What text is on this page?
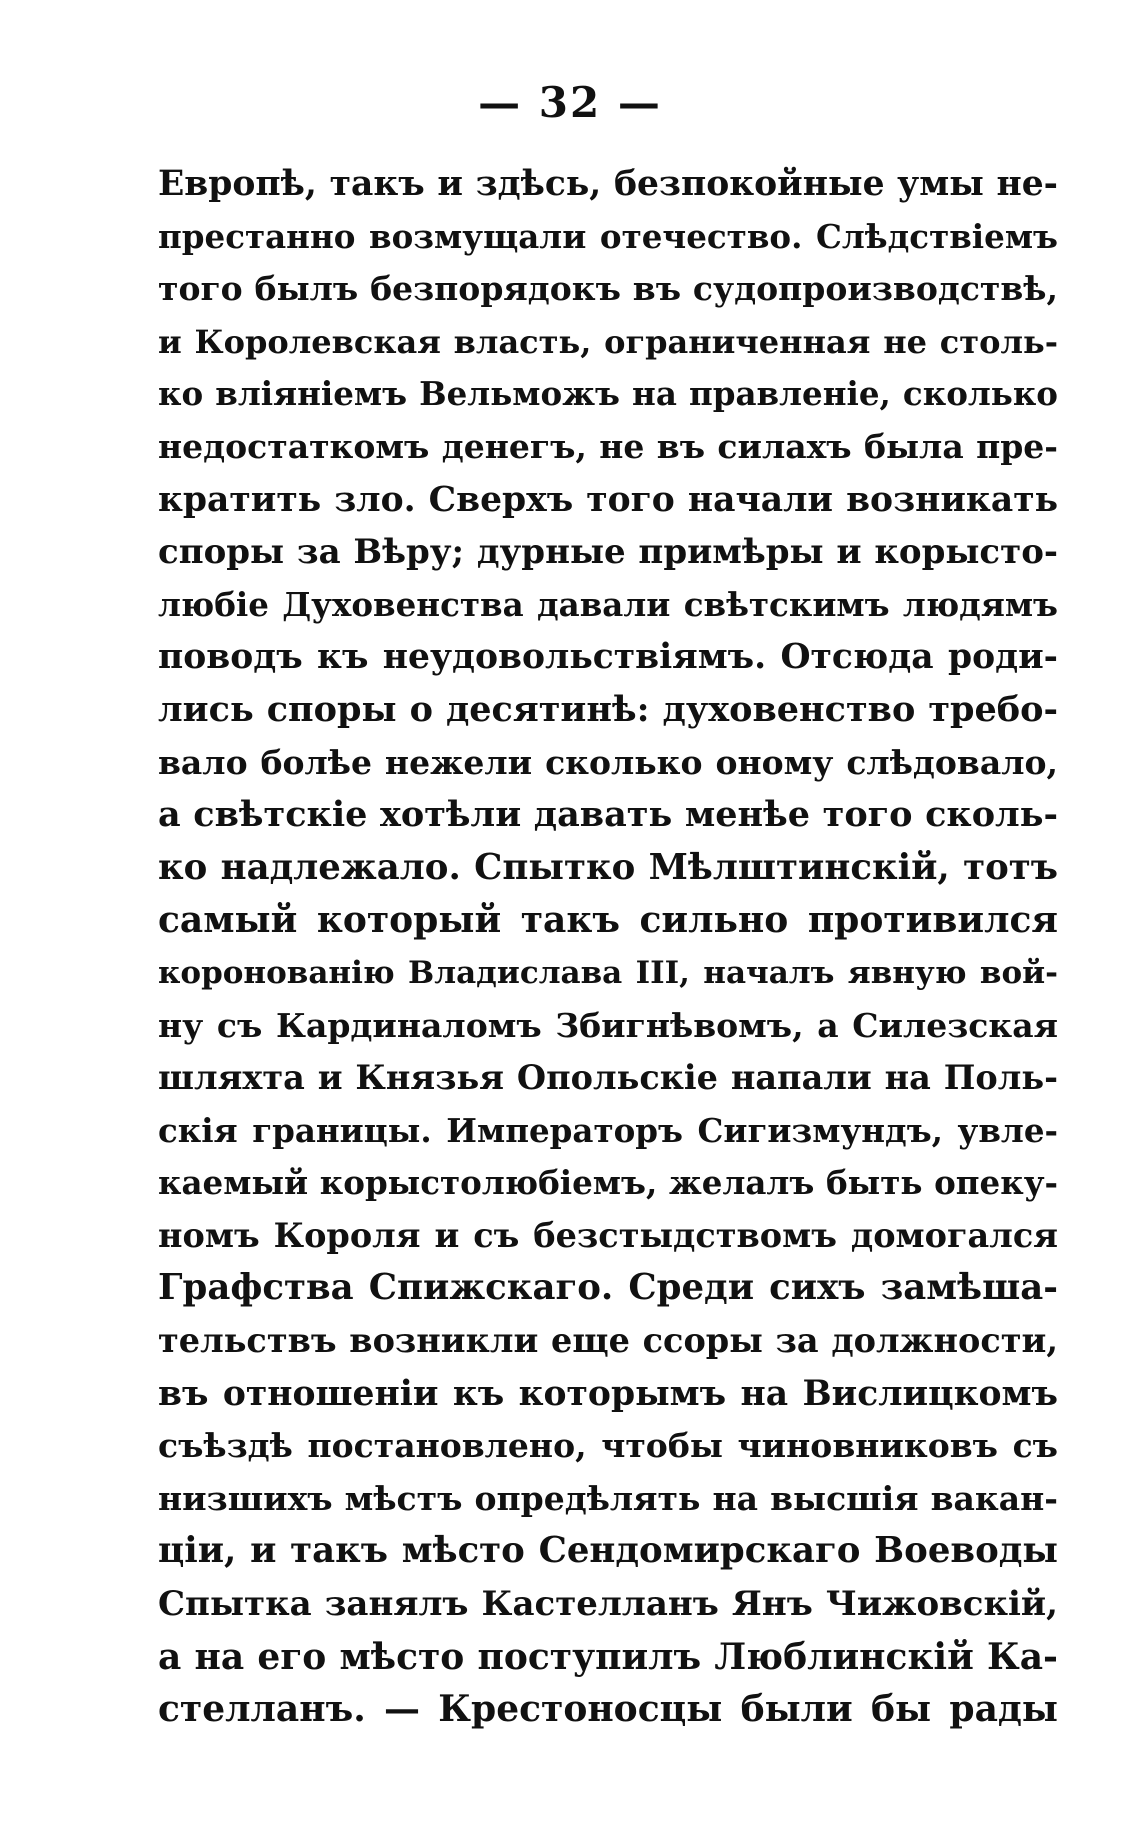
— 32 —
Европѣ, такъ и здѣсь, безпокойные умы не-
престанно возмущали отечество. Слѣдствіемъ
того былъ безпорядокъ въ судопроизводствѣ,
и Королевская власть, ограниченная не столь-
ко вліяніемъ Вельможъ на правленіе, сколько
недостаткомъ денегъ, не въ силахъ была пре-
кратить зло. Сверхъ того начали возникать
споры за Вѣру; дурные примѣры и корысто-
любіе Духовенства давали свѣтскимъ людямъ
поводъ къ неудовольствіямъ. Отсюда роди-
лись споры о десятинѣ: духовенство требо-
вало болѣе нежели сколько оному слѣдовало,
а свѣтскіе хотѣли давать менѣе того сколь-
ко надлежало. Спытко Мѣлштинскій, тотъ
самый который такъ сильно противился
коронованію Владислава III, началъ явную вой-
ну съ Кардиналомъ Збигнѣвомъ, а Силезская
шляхта и Князья Опольскіе напали на Поль-
скія границы. Императоръ Сигизмундъ, увле-
каемый корыстолюбіемъ, желалъ быть опеку-
номъ Короля и съ безстыдствомъ домогался
Графства Спижскаго. Среди сихъ замѣша-
тельствъ возникли еще ссоры за должности,
въ отношеніи къ которымъ на Вислицкомъ
съѣздѣ постановлено, чтобы чиновниковъ съ
низшихъ мѣстъ опредѣлять на высшія вакан-
ціи, и такъ мѣсто Сендомирскаго Воеводы
Спытка занялъ Кастелланъ Янъ Чижовскій,
а на его мѣсто поступилъ Люблинскій Ка-
стелланъ. — Крестоносцы были бы рады
